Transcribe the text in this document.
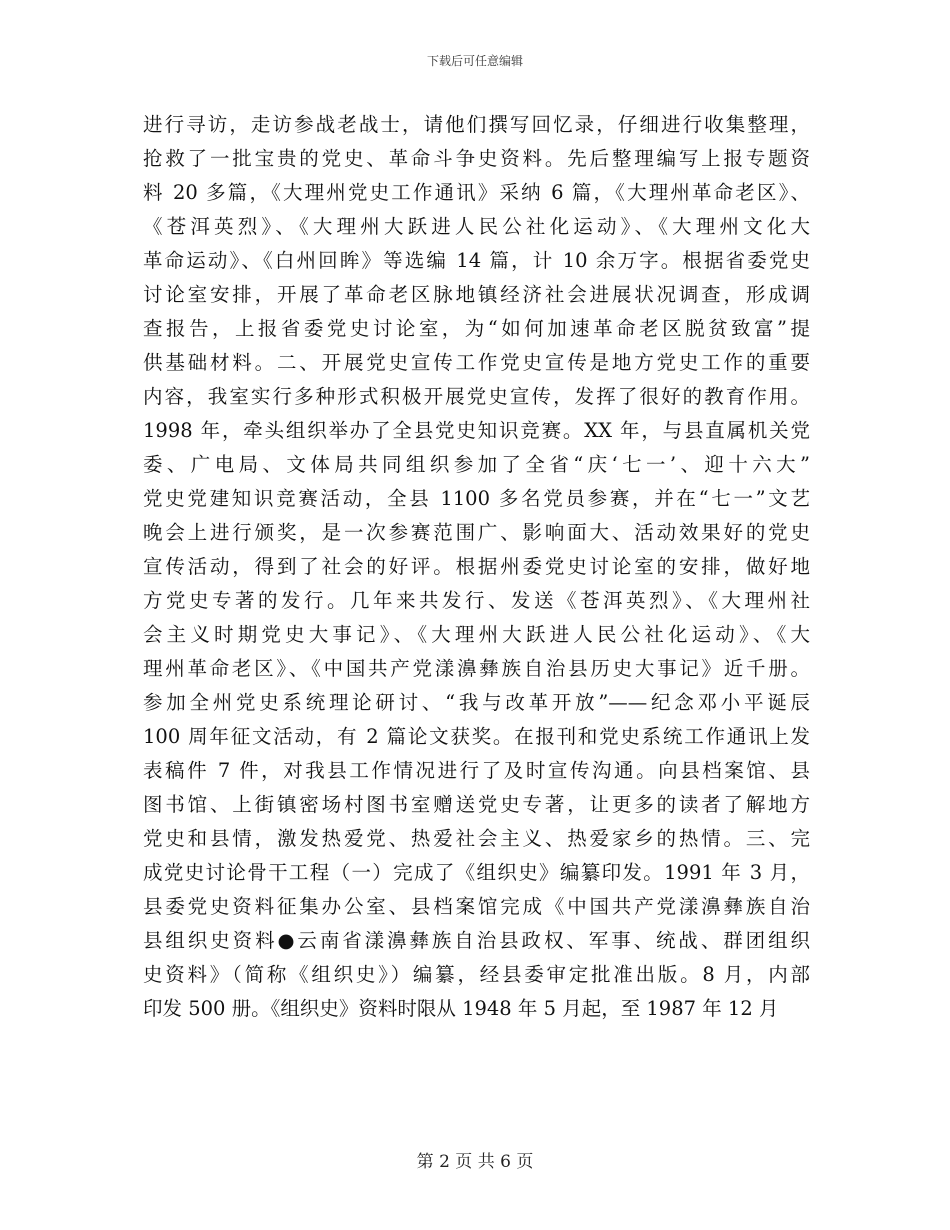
下载后可任意编辑
进行寻访，走访参战老战士，请他们撰写回忆录，仔细进行收集整理，
抢救了一批宝贵的党史、革命斗争史资料。先后整理编写上报专题资
料 20 多篇，《大理州党史工作通讯》采纳 6 篇，《大理州革命老区》、
《苍洱英烈》、《大理州大跃进人民公社化运动》、《大理州文化大
革命运动》、《白州回眸》等选编 14 篇，计 10 余万字。根据省委党史
讨论室安排，开展了革命老区脉地镇经济社会进展状况调查，形成调
查报告，上报省委党史讨论室，为“如何加速革命老区脱贫致富”提
供基础材料。二、开展党史宣传工作党史宣传是地方党史工作的重要
内容，我室实行多种形式积极开展党史宣传，发挥了很好的教育作用。
1998 年，牵头组织举办了全县党史知识竞赛。XX 年，与县直属机关党
委、广电局、文体局共同组织参加了全省“庆‘七一’、迎十六大”
党史党建知识竞赛活动，全县 1100 多名党员参赛，并在“七一”文艺
晚会上进行颁奖，是一次参赛范围广、影响面大、活动效果好的党史
宣传活动，得到了社会的好评。根据州委党史讨论室的安排，做好地
方党史专著的发行。几年来共发行、发送《苍洱英烈》、《大理州社
会主义时期党史大事记》、《大理州大跃进人民公社化运动》、《大
理州革命老区》、《中国共产党漾濞彝族自治县历史大事记》近千册。
参加全州党史系统理论研讨、“我与改革开放”——纪念邓小平诞辰
100 周年征文活动，有 2 篇论文获奖。在报刊和党史系统工作通讯上发
表稿件 7 件，对我县工作情况进行了及时宣传沟通。向县档案馆、县
图书馆、上街镇密场村图书室赠送党史专著，让更多的读者了解地方
党史和县情，激发热爱党、热爱社会主义、热爱家乡的热情。三、完
成党史讨论骨干工程（一）完成了《组织史》编纂印发。1991 年 3 月，
县委党史资料征集办公室、县档案馆完成《中国共产党漾濞彝族自治
县组织史资料●云南省漾濞彝族自治县政权、军事、统战、群团组织
史资料》（简称《组织史》）编纂，经县委审定批准出版。8 月，内部
印发 500 册。《组织史》资料时限从 1948 年 5 月起，至 1987 年 12 月
第 2 页 共 6 页
